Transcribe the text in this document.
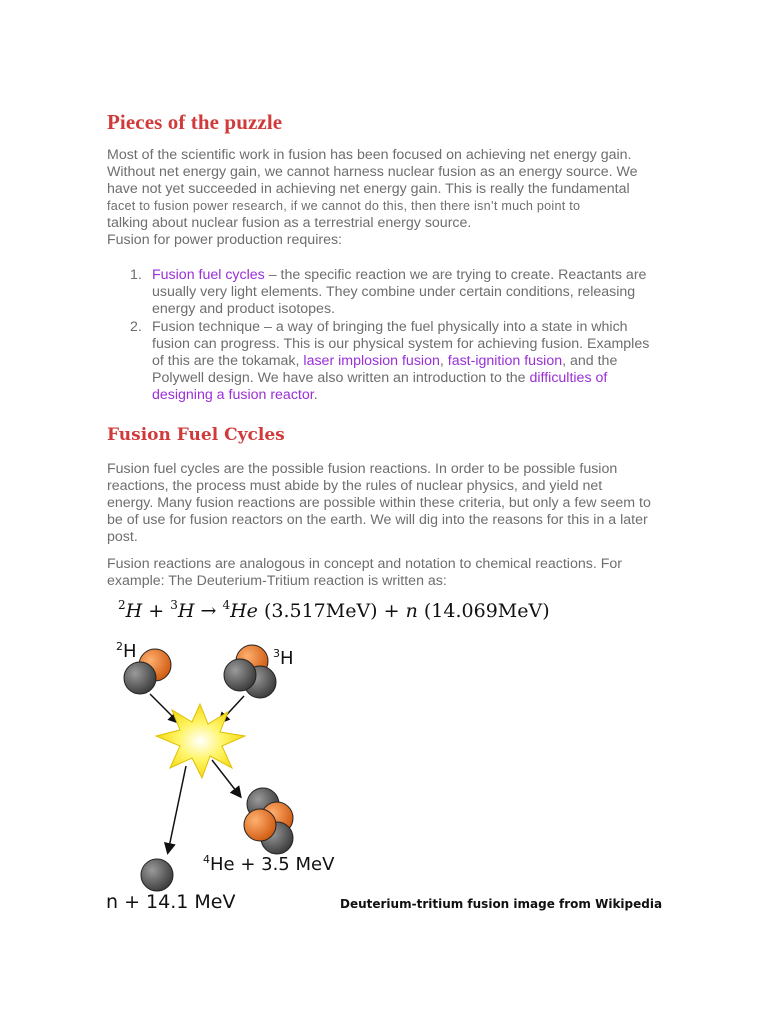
Pieces of the puzzle

Most of the scientific work in fusion has been focused on achieving net energy gain.
Without net energy gain, we cannot harness nuclear fusion as an energy source. We
have not yet succeeded in achieving net energy gain. This is really the fundamental
facet to fusion power research, if we cannot do this, then there isn’t much point to
talking about nuclear fusion as a terrestrial energy source.
Fusion for power production requires:

1. Fusion fuel cycles – the specific reaction we are trying to create. Reactants are
usually very light elements. They combine under certain conditions, releasing
energy and product isotopes.
2. Fusion technique – a way of bringing the fuel physically into a state in which
fusion can progress. This is our physical system for achieving fusion. Examples
of this are the tokamak, laser implosion fusion, fast-ignition fusion, and the
Polywell design. We have also written an introduction to the difficulties of
designing a fusion reactor.
Fusion Fuel Cycles

Fusion fuel cycles are the possible fusion reactions. In order to be possible fusion
reactions, the process must abide by the rules of nuclear physics, and yield net
energy. Many fusion reactions are possible within these criteria, but only a few seem to
be of use for fusion reactors on the earth. We will dig into the reasons for this in a later
post.

Fusion reactions are analogous in concept and notation to chemical reactions. For
example: The Deuterium-Tritium reaction is written as:

$^2$H + $^3$H → $^4$He (3.517MeV) + n (14.069MeV)
$^2$H	$^3$H
$^4$He + 3.5 MeV
n + 14.1 MeV	Deuterium-tritium fusion image from Wikipedia
